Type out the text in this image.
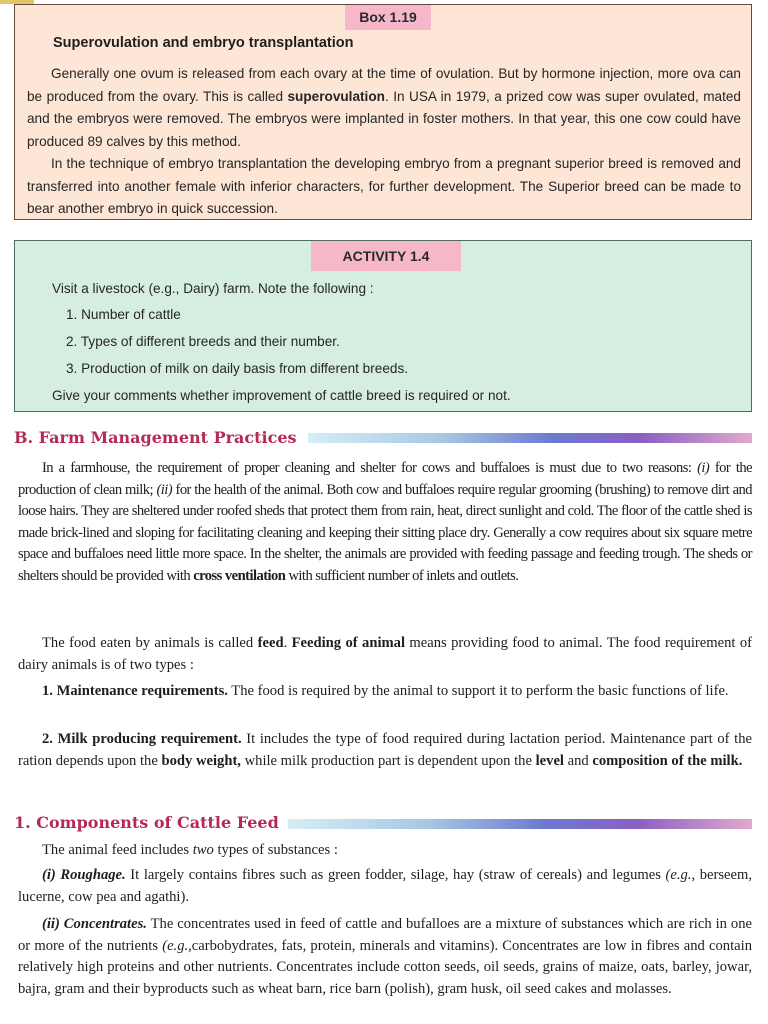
Box 1.19
Superovulation and embryo transplantation

Generally one ovum is released from each ovary at the time of ovulation. But by hormone injection, more ova can be produced from the ovary. This is called superovulation. In USA in 1979, a prized cow was super ovulated, mated and the embryos were removed. The embryos were implanted in foster mothers. In that year, this one cow could have produced 89 calves by this method.

In the technique of embryo transplantation the developing embryo from a pregnant superior breed is removed and transferred into another female with inferior characters, for further development. The Superior breed can be made to bear another embryo in quick succession.

ACTIVITY 1.4
Visit a livestock (e.g., Dairy) farm. Note the following :
1. Number of cattle
2. Types of different breeds and their number.
3. Production of milk on daily basis from different breeds.
Give your comments whether improvement of cattle breed is required or not.
B. Farm Management Practices

In a farmhouse, the requirement of proper cleaning and shelter for cows and buffaloes is must due to two reasons: (i) for the production of clean milk; (ii) for the health of the animal. Both cow and buffaloes require regular grooming (brushing) to remove dirt and loose hairs. They are sheltered under roofed sheds that protect them from rain, heat, direct sunlight and cold. The floor of the cattle shed is made brick-lined and sloping for facilitating cleaning and keeping their sitting place dry. Generally a cow requires about six square metre space and buffaloes need little more space. In the shelter, the animals are provided with feeding passage and feeding trough. The sheds or shelters should be provided with cross ventilation with sufficient number of inlets and outlets.

The food eaten by animals is called feed. Feeding of animal means providing food to animal. The food requirement of dairy animals is of two types :

1. Maintenance requirements. The food is required by the animal to support it to perform the basic functions of life.

2. Milk producing requirement. It includes the type of food required during lactation period. Maintenance part of the ration depends upon the body weight, while milk production part is dependent upon the level and composition of the milk.

1. Components of Cattle Feed

The animal feed includes two types of substances :

(i) Roughage. It largely contains fibres such as green fodder, silage, hay (straw of cereals) and legumes (e.g., berseem, lucerne, cow pea and agathi).

(ii) Concentrates. The concentrates used in feed of cattle and bufalloes are a mixture of substances which are rich in one or more of the nutrients (e.g.,carbobydrates, fats, protein, minerals and vitamins). Concentrates are low in fibres and contain relatively high proteins and other nutrients. Concentrates include cotton seeds, oil seeds, grains of maize, oats, barley, jowar, bajra, gram and their byproducts such as wheat barn, rice barn (polish), gram husk, oil seed cakes and molasses.
